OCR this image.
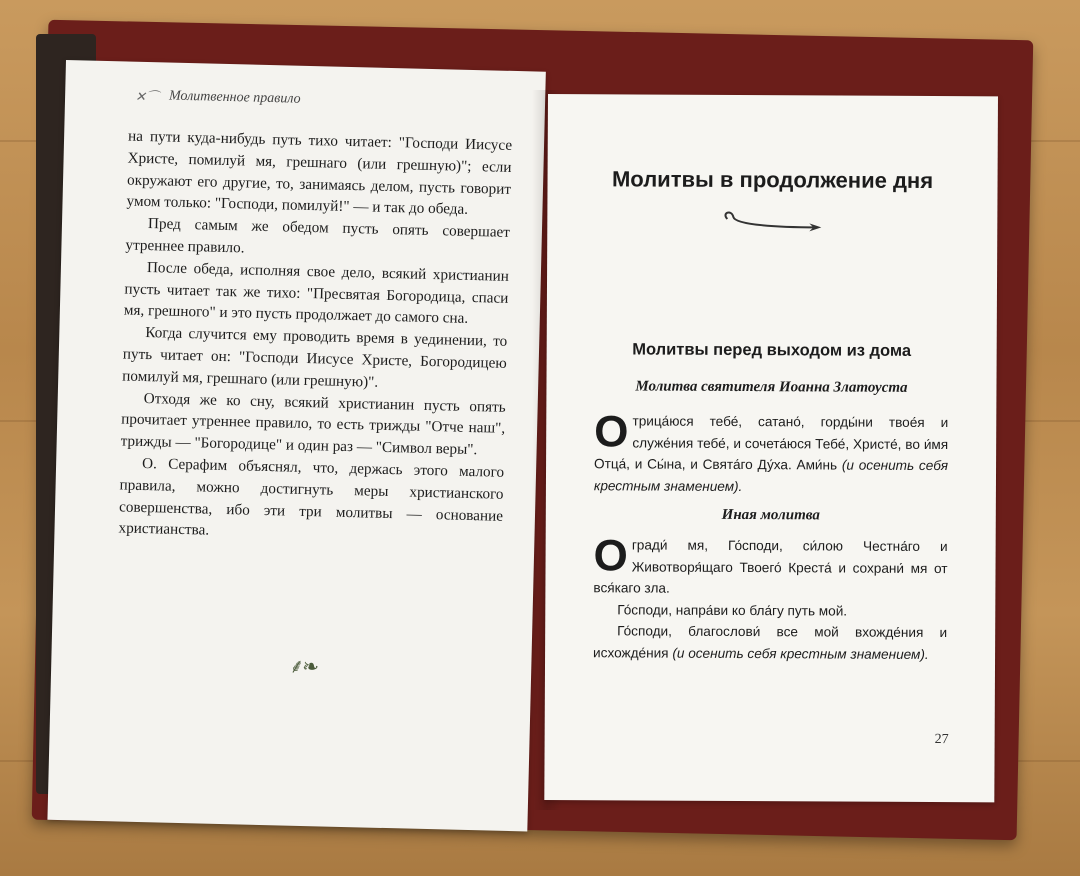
✕⌒ Молитвенное правило

на пути куда-нибудь путь тихо читает: "Господи Иисусе Христе, помилуй мя, грешнаго (или грешную)"; если окружают его другие, то, занимаясь делом, пусть говорит умом только: "Господи, помилуй!" — и так до обеда.

Пред самым же обедом пусть опять совершает утреннее правило.

После обеда, исполняя свое дело, всякий христианин пусть читает так же тихо: "Пресвятая Богородица, спаси мя, грешного" и это пусть продолжает до самого сна.

Когда случится ему проводить время в уединении, то путь читает он: "Господи Иисусе Христе, Богородицею помилуй мя, грешнаго (или грешную)".

Отходя же ко сну, всякий христианин пусть опять прочитает утреннее правило, то есть трижды "Отче наш", трижды — "Богородице" и один раз — "Символ веры".

О. Серафим объяснял, что, держась этого малого правила, можно достигнуть меры христианского совершенства, ибо эти три молитвы — основание христианства.

⸙❧
Молитвы в продолжение дня
Молитвы перед выходом из дома
Молитва святителя Иоанна Златоуста

О трица́юся тебе́, сатано́, горды́ни твое́я и служе́ния тебе́, и сочета́юся Тебе́, Христе́, во и́мя Отца́, и Сы́на, и Свята́го Ду́ха. Ами́нь (и осенить себя крестным знамением).

Иная молитва

О гради́ мя, Го́споди, си́лою Честна́го и Животворя́щаго Твоего́ Креста́ и сохрани́ мя от вся́каго зла.

Го́споди, напра́ви ко бла́гу путь мой.

Го́споди, благослови́ все мой вхожде́ния и исхожде́ния (и осенить себя крестным знамением).

27
